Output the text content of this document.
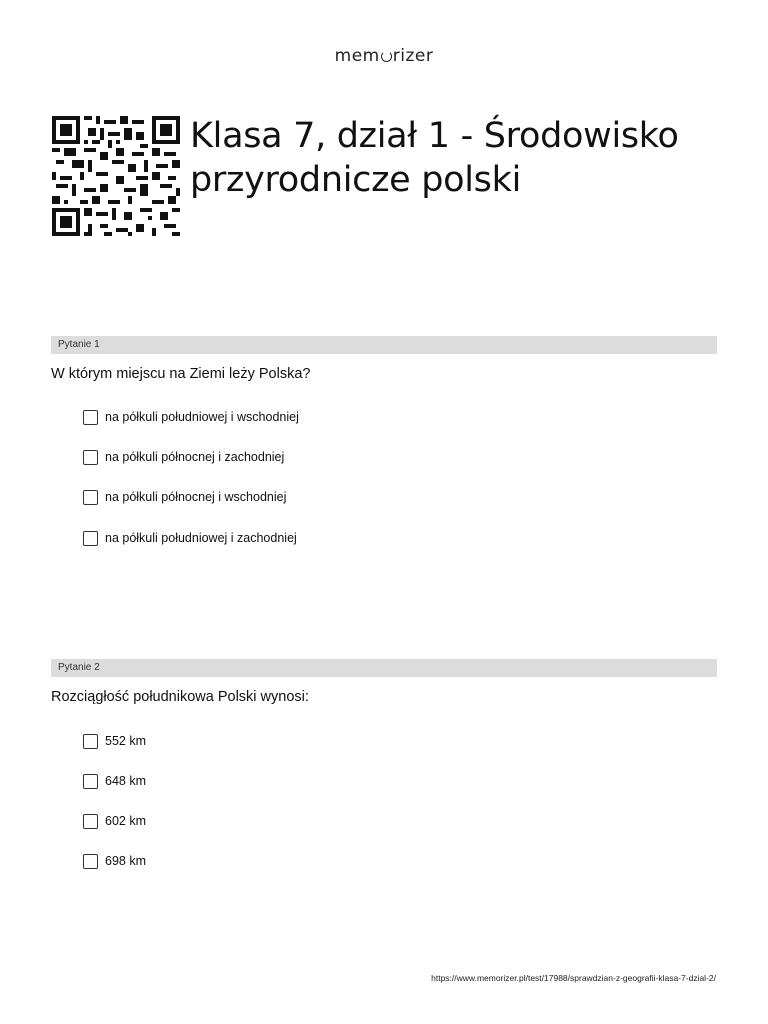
mem rizer
Klasa 7, dział 1 - Środowisko przyrodnicze polski
Pytanie 1
W którym miejscu na Ziemi leży Polska?
na półkuli południowej i wschodniej
na półkuli północnej i zachodniej
na półkuli północnej i wschodniej
na półkuli południowej i zachodniej
Pytanie 2
Rozciągłość południkowa Polski wynosi:
552 km
648 km
602 km
698 km
https://www.memorizer.pl/test/17988/sprawdzian-z-geografii-klasa-7-dzial-2/
